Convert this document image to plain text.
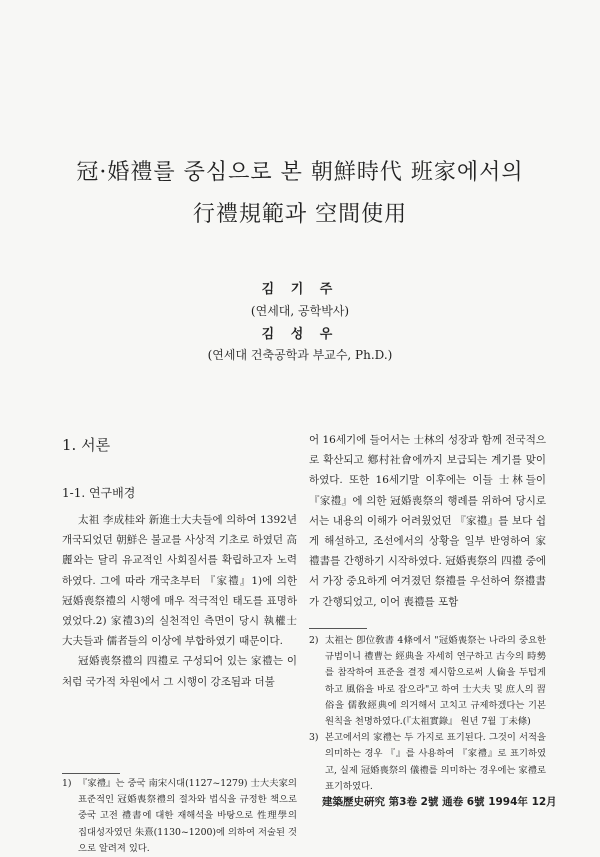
冠·婚禮를 중심으로 본 朝鮮時代 班家에서의
行禮規範과 空間使用
김 기 주
(연세대, 공학박사)
김 성 우
(연세대 건축공학과 부교수, Ph.D.)
1. 서론
1-1. 연구배경

太祖 李成桂와 新進士大夫들에 의하여 1392년 개국되었던 朝鮮은 불교를 사상적 기초로 하였던 高麗와는 달리 유교적인 사회질서를 확립하고자 노력하였다. 그에 따라 개국초부터 『家禮』1)에 의한 冠婚喪祭禮의 시행에 매우 적극적인 태도를 표명하였었다.2) 家禮3)의 실천적인 측면이 당시 執權士大夫들과 儒者들의 이상에 부합하였기 때문이다.

冠婚喪祭禮의 四禮로 구성되어 있는 家禮는 이처럼 국가적 차원에서 그 시행이 강조됨과 더불

어 16세기에 들어서는 士林의 성장과 함께 전국적으로 확산되고 鄕村社會에까지 보급되는 계기를 맞이하였다. 또한 16세기말 이후에는 이들 士林들이 『家禮』에 의한 冠婚喪祭의 행례를 위하여 당시로서는 내용의 이해가 어려웠었던 『家禮』를 보다 쉽게 해설하고, 조선에서의 상황을 일부 반영하여 家禮書를 간행하기 시작하였다. 冠婚喪祭의 四禮 중에서 가장 중요하게 여겨졌던 祭禮를 우선하여 祭禮書가 간행되었고, 이어 喪禮를 포함

1) 『家禮』는 중국 南宋시대(1127~1279) 士大夫家의 표준적인 冠婚喪祭禮의 절차와 법식을 규정한 책으로 중국 고전 禮書에 대한 재해석을 바탕으로 性理學의 집대성자였던 朱熹(1130~1200)에 의하여 저술된 것으로 알려져 있다.
2) 太祖는 卽位敎書 4條에서 "冠婚喪祭는 나라의 중요한 규범이니 禮曹는 經典을 자세히 연구하고 古今의 時勢를 참작하여 표준을 결정 제시함으로써 人倫을 두텁게 하고 風俗을 바로 잡으라"고 하여 士大夫 및 庶人의 習俗을 儒敎經典에 의거해서 고치고 규제하겠다는 기본원칙을 천명하였다.(『太祖實錄』 원년 7월 丁未條)
3) 본고에서의 家禮는 두 가지로 표기된다. 그것이 서적을 의미하는 경우 『』를 사용하여 『家禮』로 표기하였고, 실제 冠婚喪祭의 儀禮를 의미하는 경우에는 家禮로 표기하였다.
建築歷史硏究 第3卷 2號 通卷 6號 1994年 12月
